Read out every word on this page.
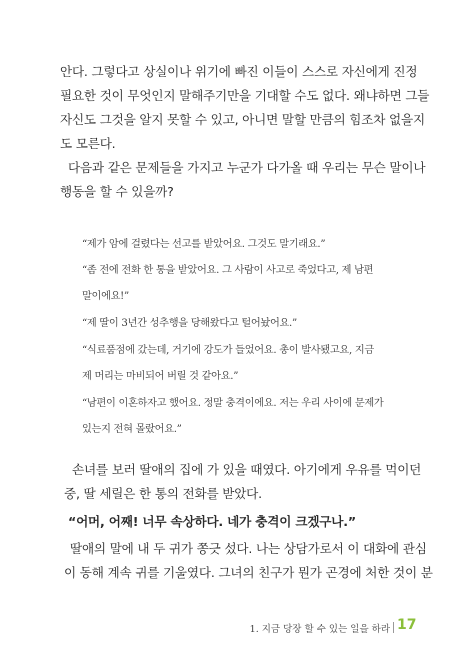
안다. 그렇다고 상실이나 위기에 빠진 이들이 스스로 자신에게 진정
필요한 것이 무엇인지 말해주기만을 기대할 수도 없다. 왜냐하면 그들
자신도 그것을 알지 못할 수 있고, 아니면 말할 만큼의 힘조차 없을지
도 모른다.
다음과 같은 문제들을 가지고 누군가 다가올 때 우리는 무슨 말이나
행동을 할 수 있을까?
“제가 암에 걸렸다는 선고를 받았어요. 그것도 말기래요.”
“좀 전에 전화 한 통을 받았어요. 그 사람이 사고로 죽었다고, 제 남편
말이에요!”
“제 딸이 3년간 성추행을 당해왔다고 털어놨어요.”
“식료품점에 갔는데, 거기에 강도가 들었어요. 총이 발사됐고요, 지금
제 머리는 마비되어 버릴 것 같아요.”
“남편이 이혼하자고 했어요. 정말 충격이에요. 저는 우리 사이에 문제가
있는지 전혀 몰랐어요.”
손녀를 보러 딸애의 집에 가 있을 때였다. 아기에게 우유를 먹이던
중, 딸 세릴은 한 통의 전화를 받았다.
“어머, 어째! 너무 속상하다. 네가 충격이 크겠구나.”
딸애의 말에 내 두 귀가 쫑긋 섰다. 나는 상담가로서 이 대화에 관심
이 동해 계속 귀를 기울였다. 그녀의 친구가 뭔가 곤경에 처한 것이 분
1. 지금 당장 할 수 있는 일을 하라 17
